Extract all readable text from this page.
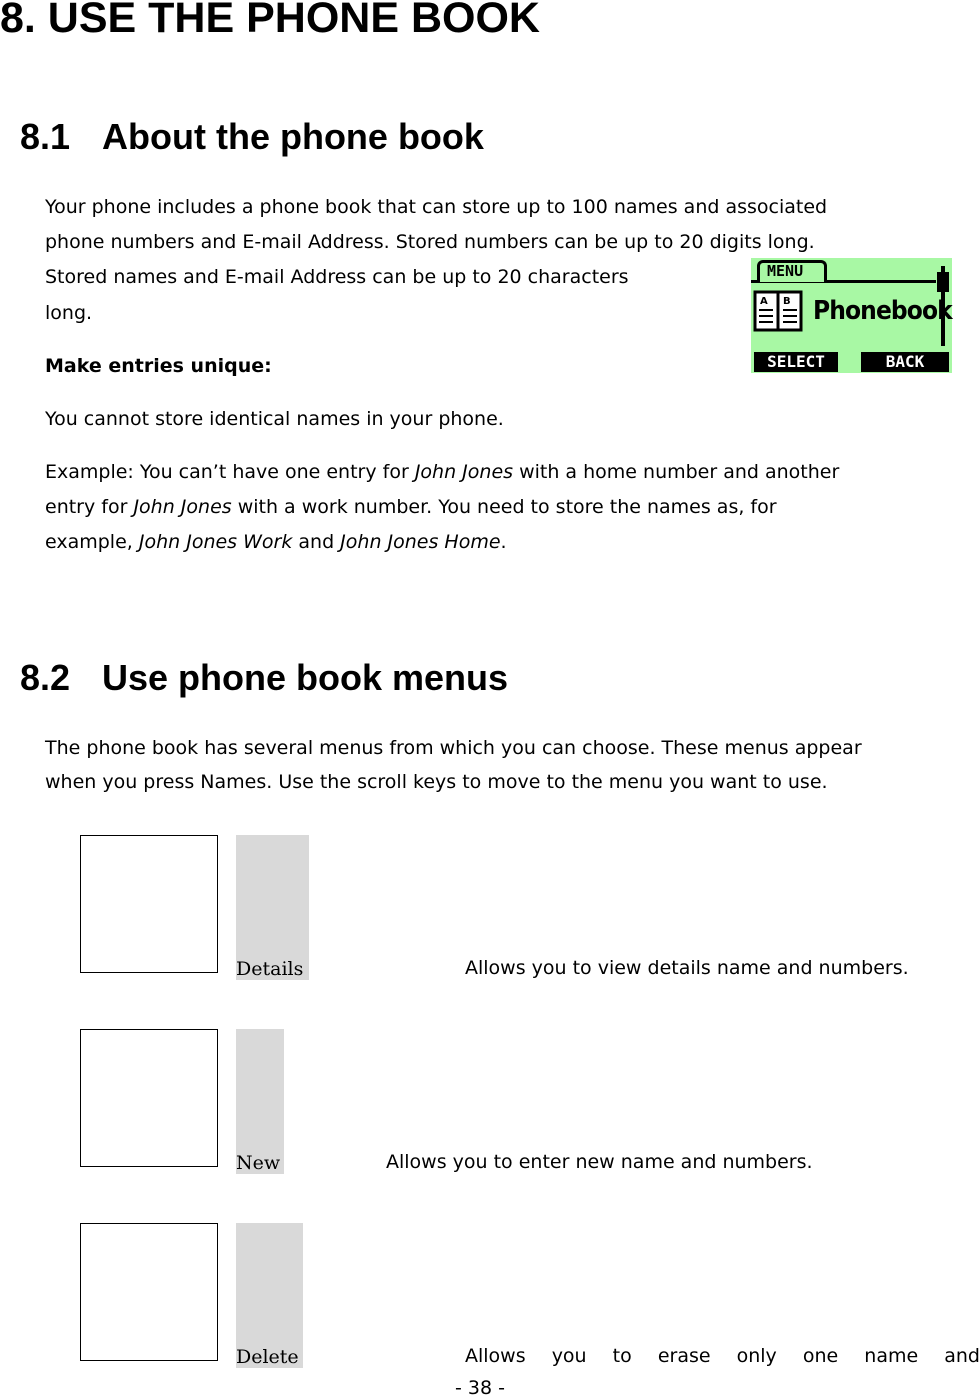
8. USE THE PHONE BOOK
8.1 About the phone book
Your phone includes a phone book that can store up to 100 names and associated
phone numbers and E-mail Address. Stored numbers can be up to 20 digits long.
Stored names and E-mail Address can be up to 20 characters
long.
MENU
A B Phonebook
SELECT	BACK
Make entries unique:
You cannot store identical names in your phone.
Example: You can’t have one entry for John Jones with a home number and another
entry for John Jones with a work number. You need to store the names as, for
example, John Jones Work and John Jones Home.
8.2 Use phone book menus
The phone book has several menus from which you can choose. These menus appear
when you press Names. Use the scroll keys to move to the menu you want to use.
Details	Allows you to view details name and numbers.
New	Allows you to enter new name and numbers.
Delete	Allows you to erase only one name and
- 38 -
